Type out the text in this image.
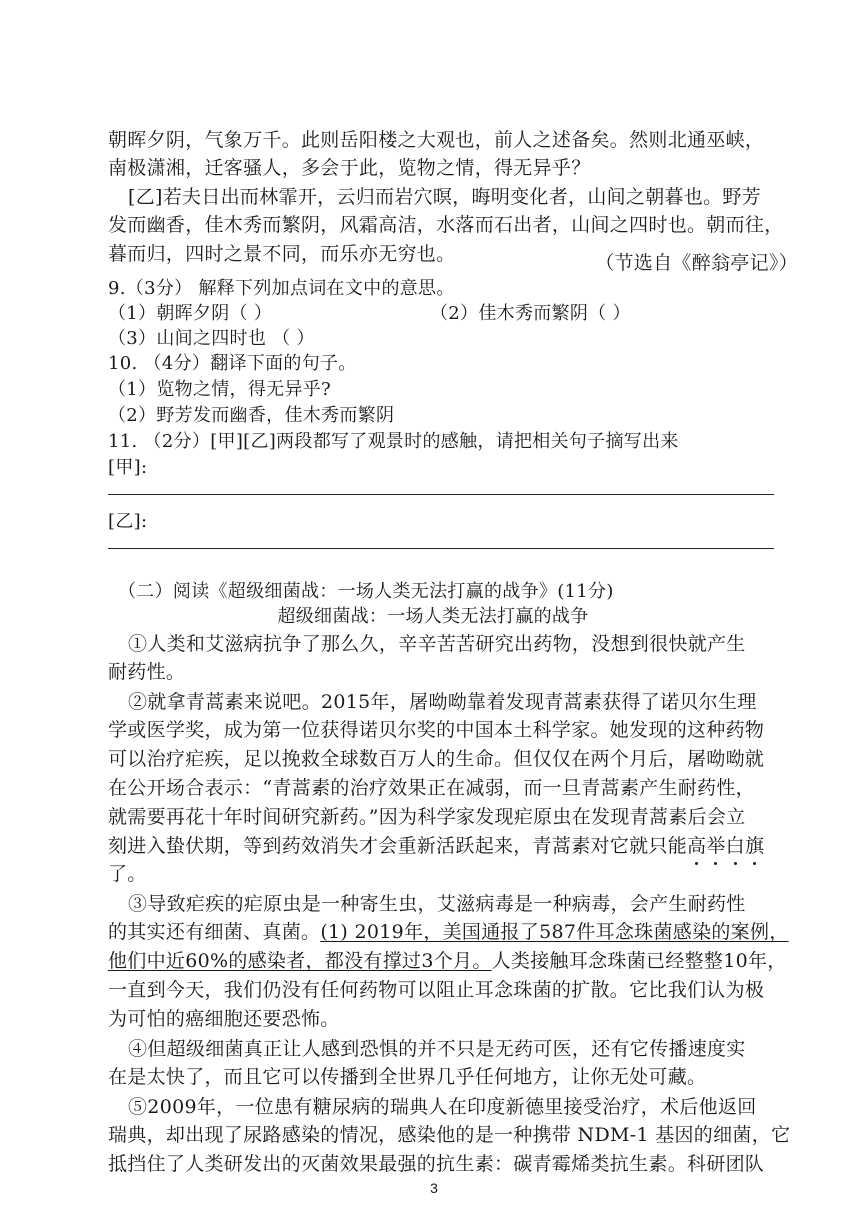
朝晖夕阴，气象万千。此则岳阳楼之大观也，前人之述备矣。然则北通巫峡，
南极潇湘，迁客骚人，多会于此，览物之情，得无异乎？
[乙]若夫日出而林霏开，云归而岩穴暝，晦明变化者，山间之朝暮也。野芳
发而幽香，佳木秀而繁阴，风霜高洁，水落而石出者，山间之四时也。朝而往，
暮而归，四时之景不同，而乐亦无穷也。	（节选自《醉翁亭记》）
9.（3分） 解释下列加点词在文中的意思。
（1）朝晖夕阴（ ）	（2）佳木秀而繁阴（ ）
（3）山间之四时也 （ ）
10. （4分）翻译下面的句子。
（1）览物之情，得无异乎?
（2）野芳发而幽香，佳木秀而繁阴
11. （2分）[甲][乙]两段都写了观景时的感触，请把相关句子摘写出来
[甲]:
[乙]:
（二）阅读《超级细菌战：一场人类无法打赢的战争》(11分)
超级细菌战：一场人类无法打赢的战争
①人类和艾滋病抗争了那么久，辛辛苦苦研究出药物，没想到很快就产生
耐药性。
②就拿青蒿素来说吧。2015年，屠呦呦靠着发现青蒿素获得了诺贝尔生理
学或医学奖，成为第一位获得诺贝尔奖的中国本土科学家。她发现的这种药物
可以治疗疟疾，足以挽救全球数百万人的生命。但仅仅在两个月后，屠呦呦就
在公开场合表示：“青蒿素的治疗效果正在减弱，而一旦青蒿素产生耐药性，
就需要再花十年时间研究新药。”因为科学家发现疟原虫在发现青蒿素后会立
刻进入蛰伏期，等到药效消失才会重新活跃起来，青蒿素对它就只能高举白旗
了。
③导致疟疾的疟原虫是一种寄生虫，艾滋病毒是一种病毒，会产生耐药性
的其实还有细菌、真菌。(1) 2019年，美国通报了587件耳念珠菌感染的案例，
他们中近60%的感染者，都没有撑过3个月。人类接触耳念珠菌已经整整10年，
一直到今天，我们仍没有任何药物可以阻止耳念珠菌的扩散。它比我们认为极
为可怕的癌细胞还要恐怖。
④但超级细菌真正让人感到恐惧的并不只是无药可医，还有它传播速度实
在是太快了，而且它可以传播到全世界几乎任何地方，让你无处可藏。
⑤2009年，一位患有糖尿病的瑞典人在印度新德里接受治疗，术后他返回
瑞典，却出现了尿路感染的情况，感染他的是一种携带 NDM-1 基因的细菌，它
抵挡住了人类研发出的灭菌效果最强的抗生素：碳青霉烯类抗生素。科研团队
3
